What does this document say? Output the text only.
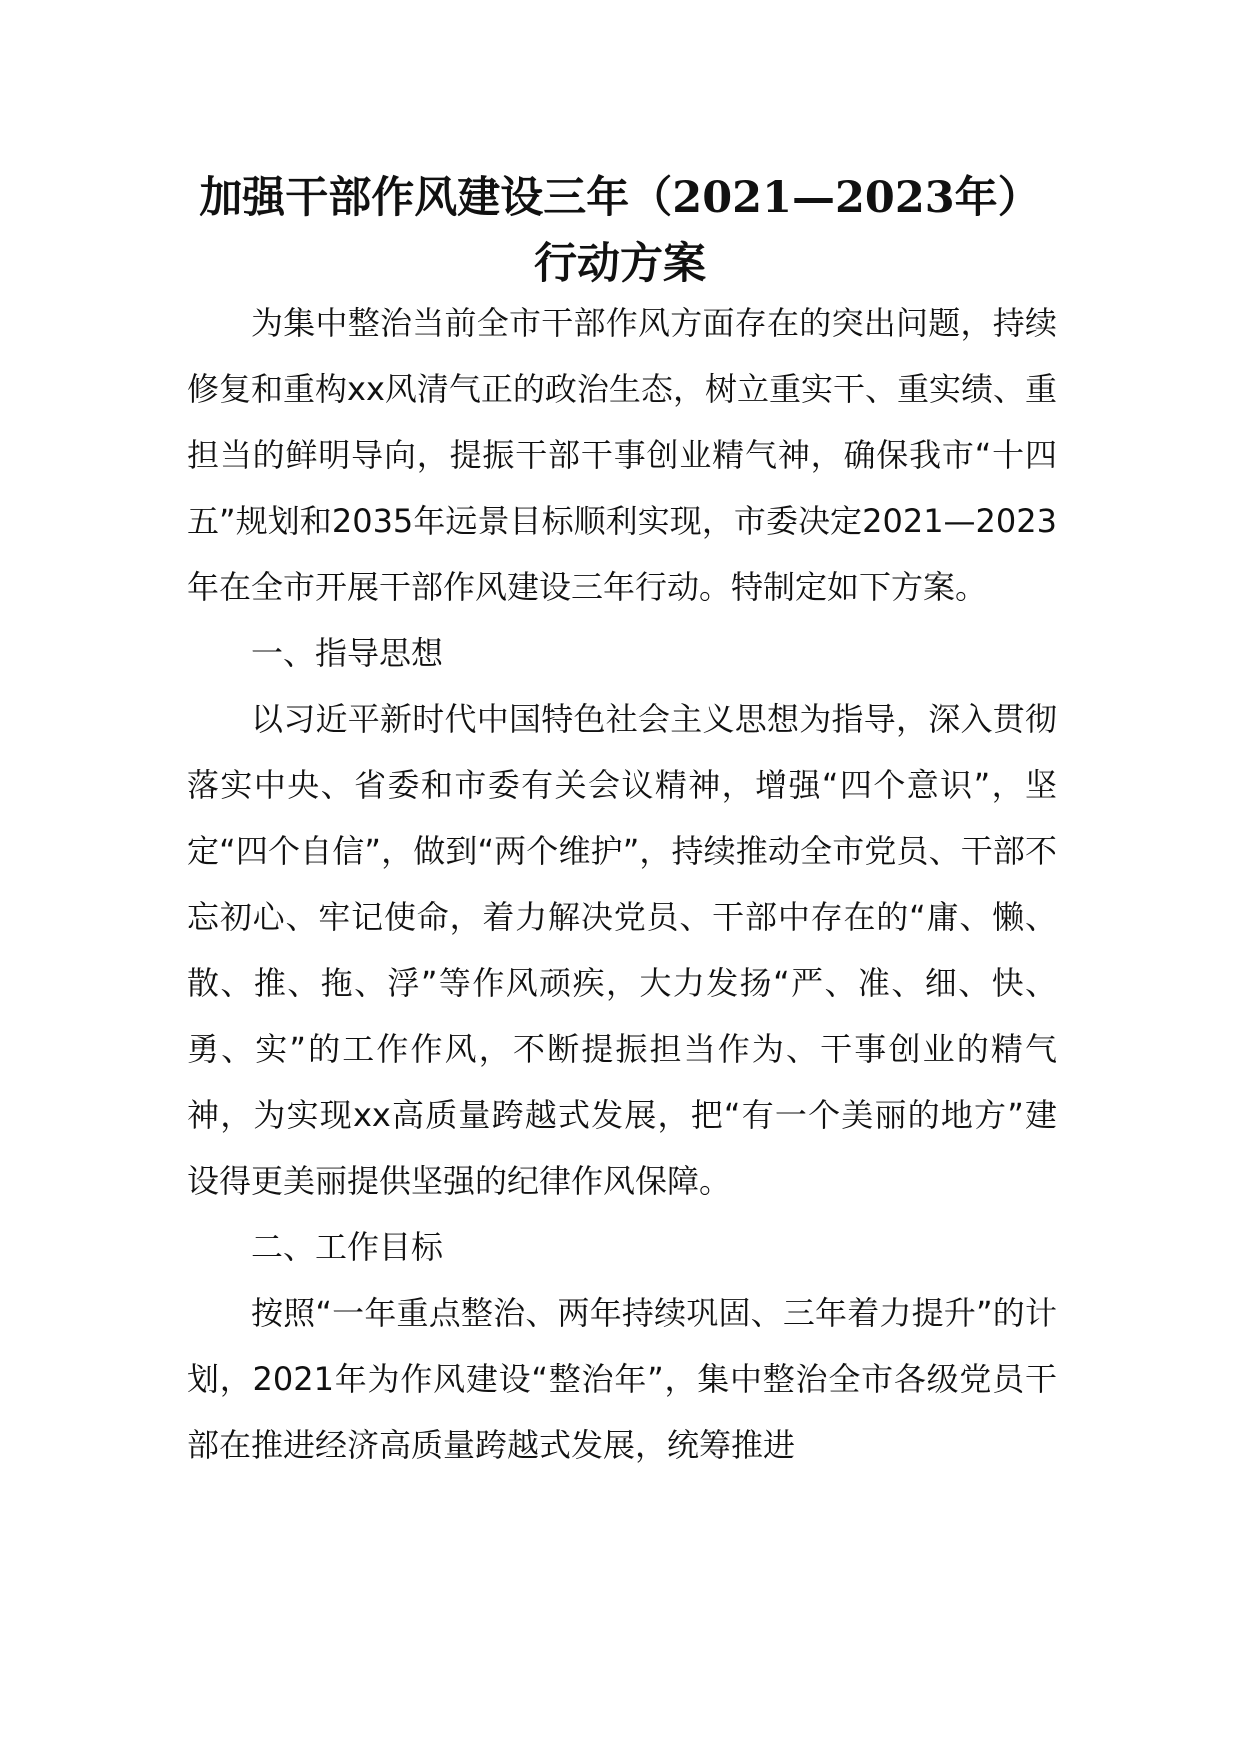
加强干部作风建设三年（2021—2023年）
行动方案

为集中整治当前全市干部作风方面存在的突出问题，持续修复和重构xx风清气正的政治生态，树立重实干、重实绩、重担当的鲜明导向，提振干部干事创业精气神，确保我市“十四五”规划和2035年远景目标顺利实现，市委决定2021—2023年在全市开展干部作风建设三年行动。特制定如下方案。

一、指导思想

以习近平新时代中国特色社会主义思想为指导，深入贯彻落实中央、省委和市委有关会议精神，增强“四个意识”，坚定“四个自信”，做到“两个维护”，持续推动全市党员、干部不忘初心、牢记使命，着力解决党员、干部中存在的“庸、懒、散、推、拖、浮”等作风顽疾，大力发扬“严、准、细、快、勇、实”的工作作风，不断提振担当作为、干事创业的精气神，为实现xx高质量跨越式发展，把“有一个美丽的地方”建设得更美丽提供坚强的纪律作风保障。

二、工作目标

按照“一年重点整治、两年持续巩固、三年着力提升”的计划，2021年为作风建设“整治年”，集中整治全市各级党员干部在推进经济高质量跨越式发展，统筹推进
